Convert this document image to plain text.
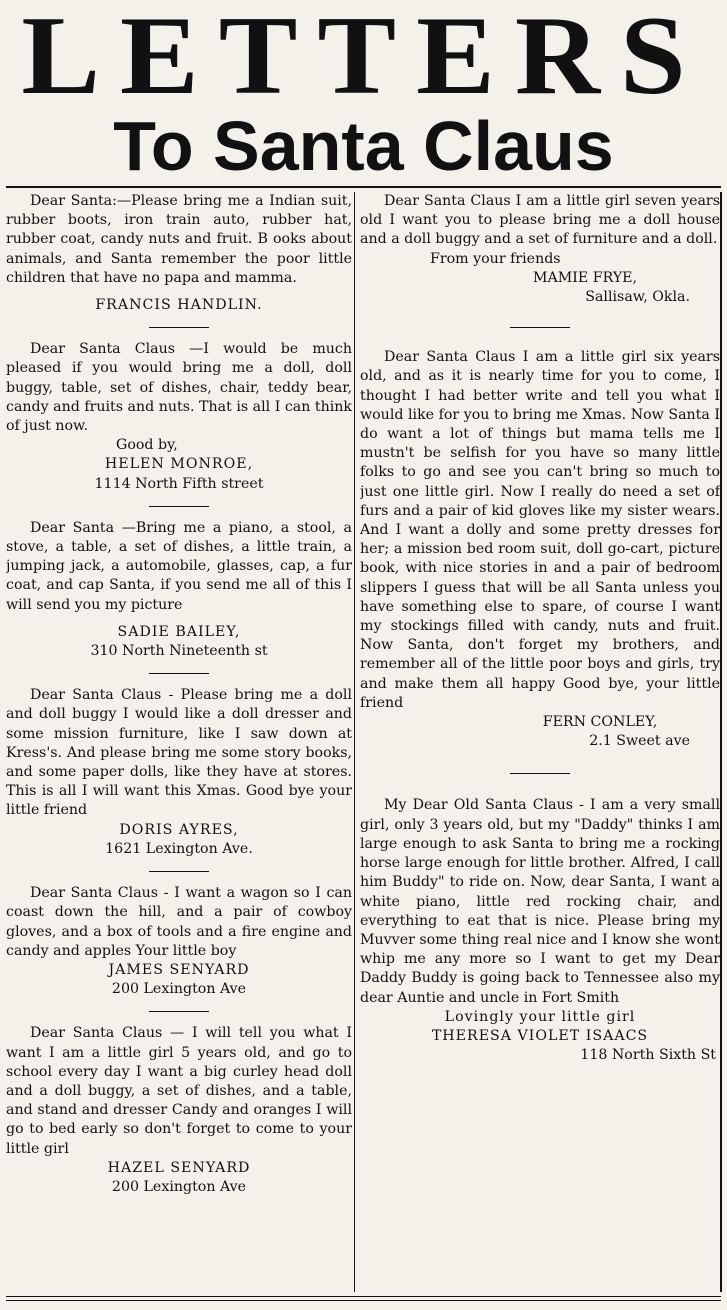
LETTERS
To Santa Claus

Dear Santa:—Please bring me a Indian suit, rubber boots, iron train auto, rubber hat, rubber coat, candy nuts and fruit. B ooks about animals, and Santa remember the poor little children that have no papa and mamma.

FRANCIS HANDLIN.

Dear Santa Claus —I would be much pleased if you would bring me a doll, doll buggy, table, set of dishes, chair, teddy bear, candy and fruits and nuts. That is all I can think of just now.

Good by,

HELEN MONROE,

1114 North Fifth street

Dear Santa —Bring me a piano, a stool, a stove, a table, a set of dishes, a little train, a jumping jack, a automobile, glasses, cap, a fur coat, and cap Santa, if you send me all of this I will send you my picture

SADIE BAILEY,

310 North Nineteenth st

Dear Santa Claus - Please bring me a doll and doll buggy I would like a doll dresser and some mission furniture, like I saw down at Kress's. And please bring me some story books, and some paper dolls, like they have at stores. This is all I will want this Xmas. Good bye your little friend

DORIS AYRES,

1621 Lexington Ave.

Dear Santa Claus - I want a wagon so I can coast down the hill, and a pair of cowboy gloves, and a box of tools and a fire engine and candy and apples Your little boy

JAMES SENYARD

200 Lexington Ave

Dear Santa Claus — I will tell you what I want I am a little girl 5 years old, and go to school every day I want a big curley head doll and a doll buggy, a set of dishes, and a table, and stand and dresser Candy and oranges I will go to bed early so don't forget to come to your little girl

HAZEL SENYARD

200 Lexington Ave

Dear Santa Claus I am a little girl seven years old I want you to please bring me a doll house and a doll buggy and a set of furniture and a doll.

From your friends

MAMIE FRYE,

Sallisaw, Okla.

Dear Santa Claus I am a little girl six years old, and as it is nearly time for you to come, I thought I had better write and tell you what I would like for you to bring me Xmas. Now Santa I do want a lot of things but mama tells me I mustn't be selfish for you have so many little folks to go and see you can't bring so much to just one little girl. Now I really do need a set of furs and a pair of kid gloves like my sister wears. And I want a dolly and some pretty dresses for her; a mission bed room suit, doll go-cart, picture book, with nice stories in and a pair of bedroom slippers I guess that will be all Santa unless you have something else to spare, of course I want my stockings filled with candy, nuts and fruit. Now Santa, don't forget my brothers, and remember all of the little poor boys and girls, try and make them all happy Good bye, your little friend

FERN CONLEY,

2.1 Sweet ave

My Dear Old Santa Claus - I am a very small girl, only 3 years old, but my "Daddy" thinks I am large enough to ask Santa to bring me a rocking horse large enough for little brother. Alfred, I call him Buddy" to ride on. Now, dear Santa, I want a white piano, little red rocking chair, and everything to eat that is nice. Please bring my Muvver some thing real nice and I know she wont whip me any more so I want to get my Dear Daddy Buddy is going back to Tennessee also my dear Auntie and uncle in Fort Smith

Lovingly your little girl

THERESA VIOLET ISAACS

118 North Sixth St
